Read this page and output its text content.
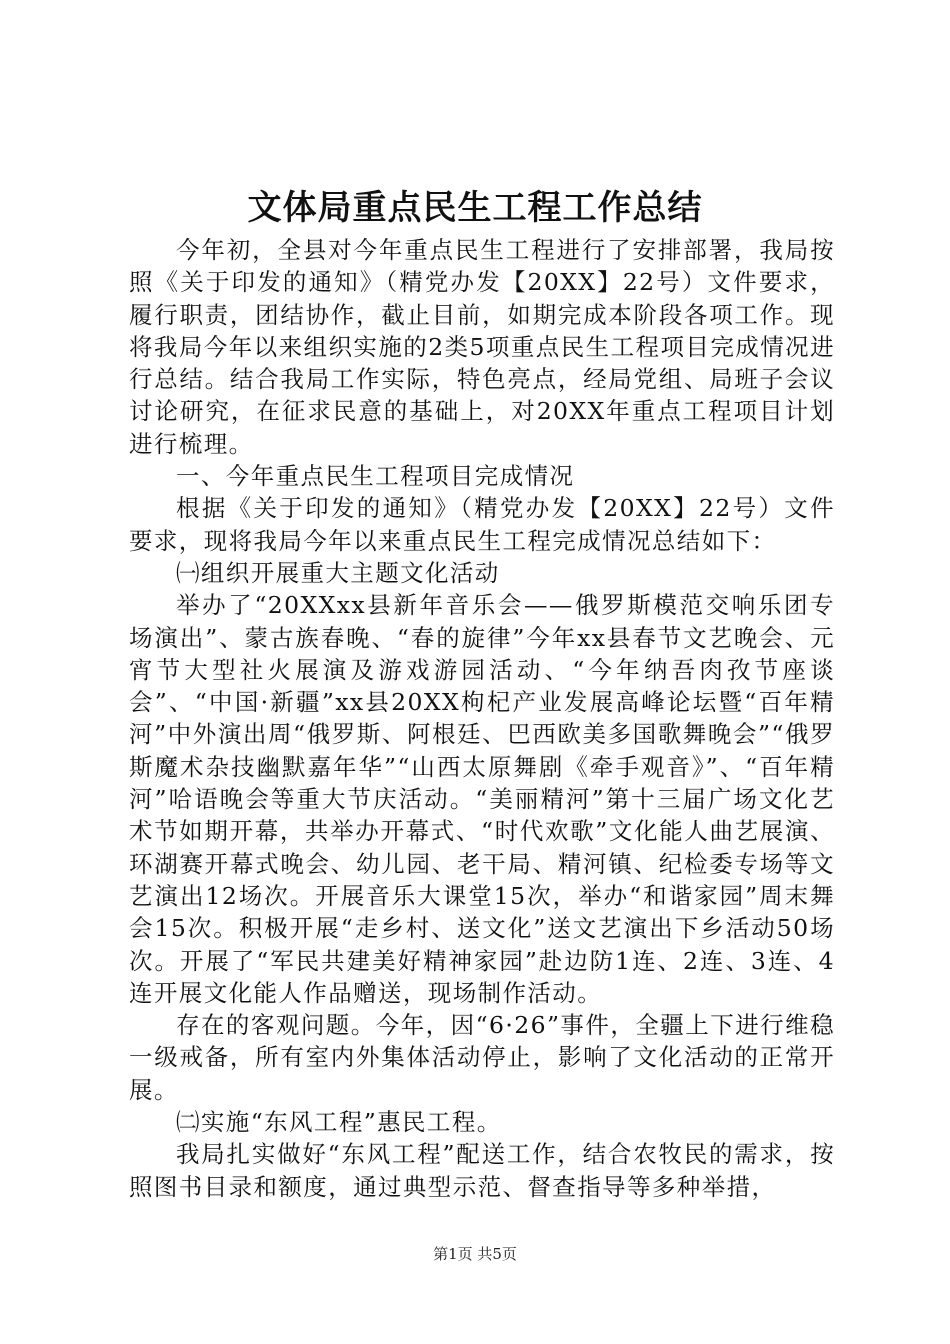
文体局重点民生工程工作总结

今年初，全县对今年重点民生工程进行了安排部署，我局按照《关于印发的通知》（精党办发【20XX】22号）文件要求，履行职责，团结协作，截止目前，如期完成本阶段各项工作。现将我局今年以来组织实施的2类5项重点民生工程项目完成情况进行总结。结合我局工作实际，特色亮点，经局党组、局班子会议讨论研究，在征求民意的基础上，对20XX年重点工程项目计划进行梳理。

一、今年重点民生工程项目完成情况

根据《关于印发的通知》（精党办发【20XX】22号）文件要求，现将我局今年以来重点民生工程完成情况总结如下：

㈠组织开展重大主题文化活动

举办了“20XXxx县新年音乐会——俄罗斯模范交响乐团专场演出”、蒙古族春晚、“春的旋律”今年xx县春节文艺晚会、元宵节大型社火展演及游戏游园活动、“今年纳吾肉孜节座谈会”、“中国·新疆”xx县20XX枸杞产业发展高峰论坛暨“百年精河”中外演出周“俄罗斯、阿根廷、巴西欧美多国歌舞晚会”“俄罗斯魔术杂技幽默嘉年华”“山西太原舞剧《牵手观音》”、“百年精河”哈语晚会等重大节庆活动。“美丽精河”第十三届广场文化艺术节如期开幕，共举办开幕式、“时代欢歌”文化能人曲艺展演、环湖赛开幕式晚会、幼儿园、老干局、精河镇、纪检委专场等文艺演出12场次。开展音乐大课堂15次，举办“和谐家园”周末舞会15次。积极开展“走乡村、送文化”送文艺演出下乡活动50场次。开展了“军民共建美好精神家园”赴边防1连、2连、3连、4连开展文化能人作品赠送，现场制作活动。

存在的客观问题。今年，因“6·26”事件，全疆上下进行维稳一级戒备，所有室内外集体活动停止，影响了文化活动的正常开展。

㈡实施“东风工程”惠民工程。

我局扎实做好“东风工程”配送工作，结合农牧民的需求，按照图书目录和额度，通过典型示范、督查指导等多种举措，

第1页 共5页
